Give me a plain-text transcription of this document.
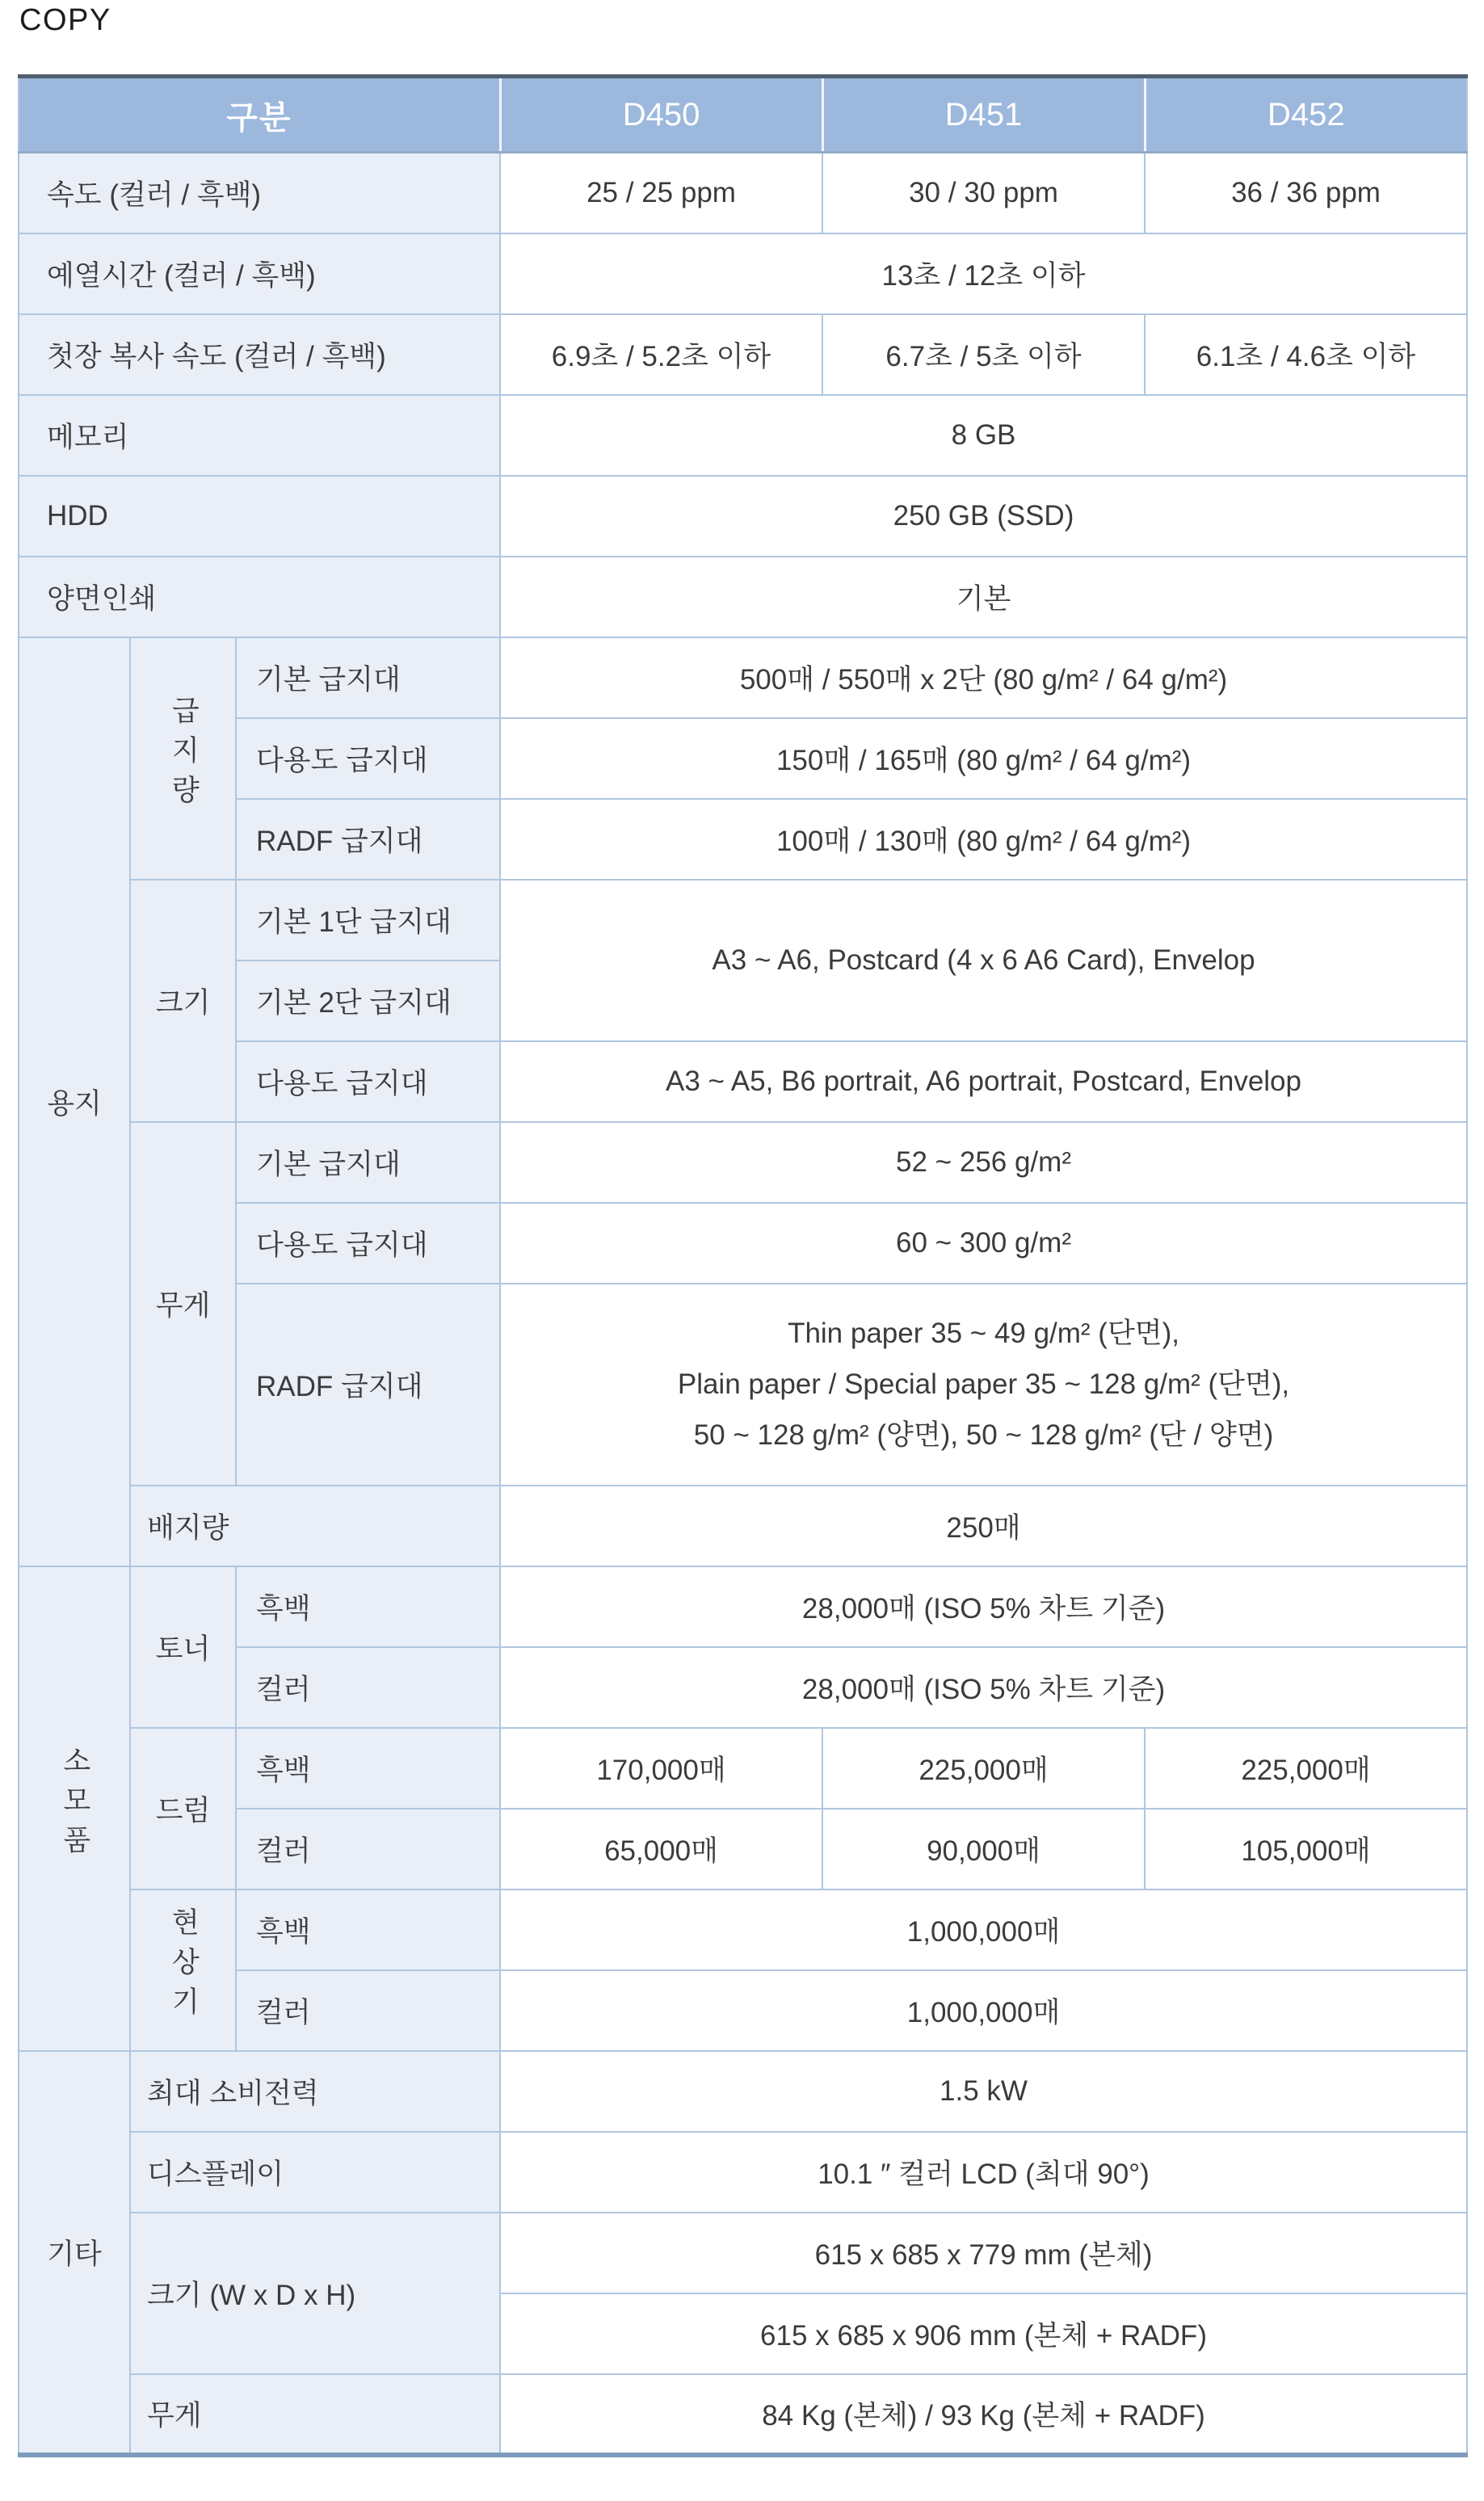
COPY
구분			D450	D451	D452
속도 (컬러 / 흑백)			25 / 25 ppm	30 / 30 ppm	36 / 36 ppm
예열시간 (컬러 / 흑백)			13초 / 12초 이하		
첫장 복사 속도 (컬러 / 흑백)			6.9초 / 5.2초 이하	6.7초 / 5초 이하	6.1초 / 4.6초 이하
메모리			8 GB		
HDD			250 GB (SSD)		
양면인쇄			기본		
용지	급지량	기본 급지대	500매 / 550매 x 2단 (80 g/m² / 64 g/m²)		
		다용도 급지대	150매 / 165매 (80 g/m² / 64 g/m²)		
		RADF 급지대	100매 / 130매 (80 g/m² / 64 g/m²)		
	크기	기본 1단 급지대	A3 ~ A6, Postcard (4 x 6 A6 Card), Envelop		
		기본 2단 급지대			
		다용도 급지대	A3 ~ A5, B6 portrait, A6 portrait, Postcard, Envelop		
	무게	기본 급지대	52 ~ 256 g/m²		
		다용도 급지대	60 ~ 300 g/m²		
		RADF 급지대	Thin paper 35 ~ 49 g/m² (단면),
Plain paper / Special paper 35 ~ 128 g/m² (단면),
50 ~ 128 g/m² (양면), 50 ~ 128 g/m² (단 / 양면)		

	배지량		250매		
소모품	토너	흑백	28,000매 (ISO 5% 차트 기준)		
		컬러	28,000매 (ISO 5% 차트 기준)		
	드럼	흑백	170,000매	225,000매	225,000매
		컬러	65,000매	90,000매	105,000매
	현상기	흑백	1,000,000매		
		컬러	1,000,000매		
기타	최대 소비전력		1.5 kW		
	디스플레이		10.1 ″ 컬러 LCD (최대 90°)		
	크기 (W x D x H)		615 x 685 x 779 mm (본체)		
			615 x 685 x 906 mm (본체 + RADF)		
	무게		84 Kg (본체) / 93 Kg (본체 + RADF)		
